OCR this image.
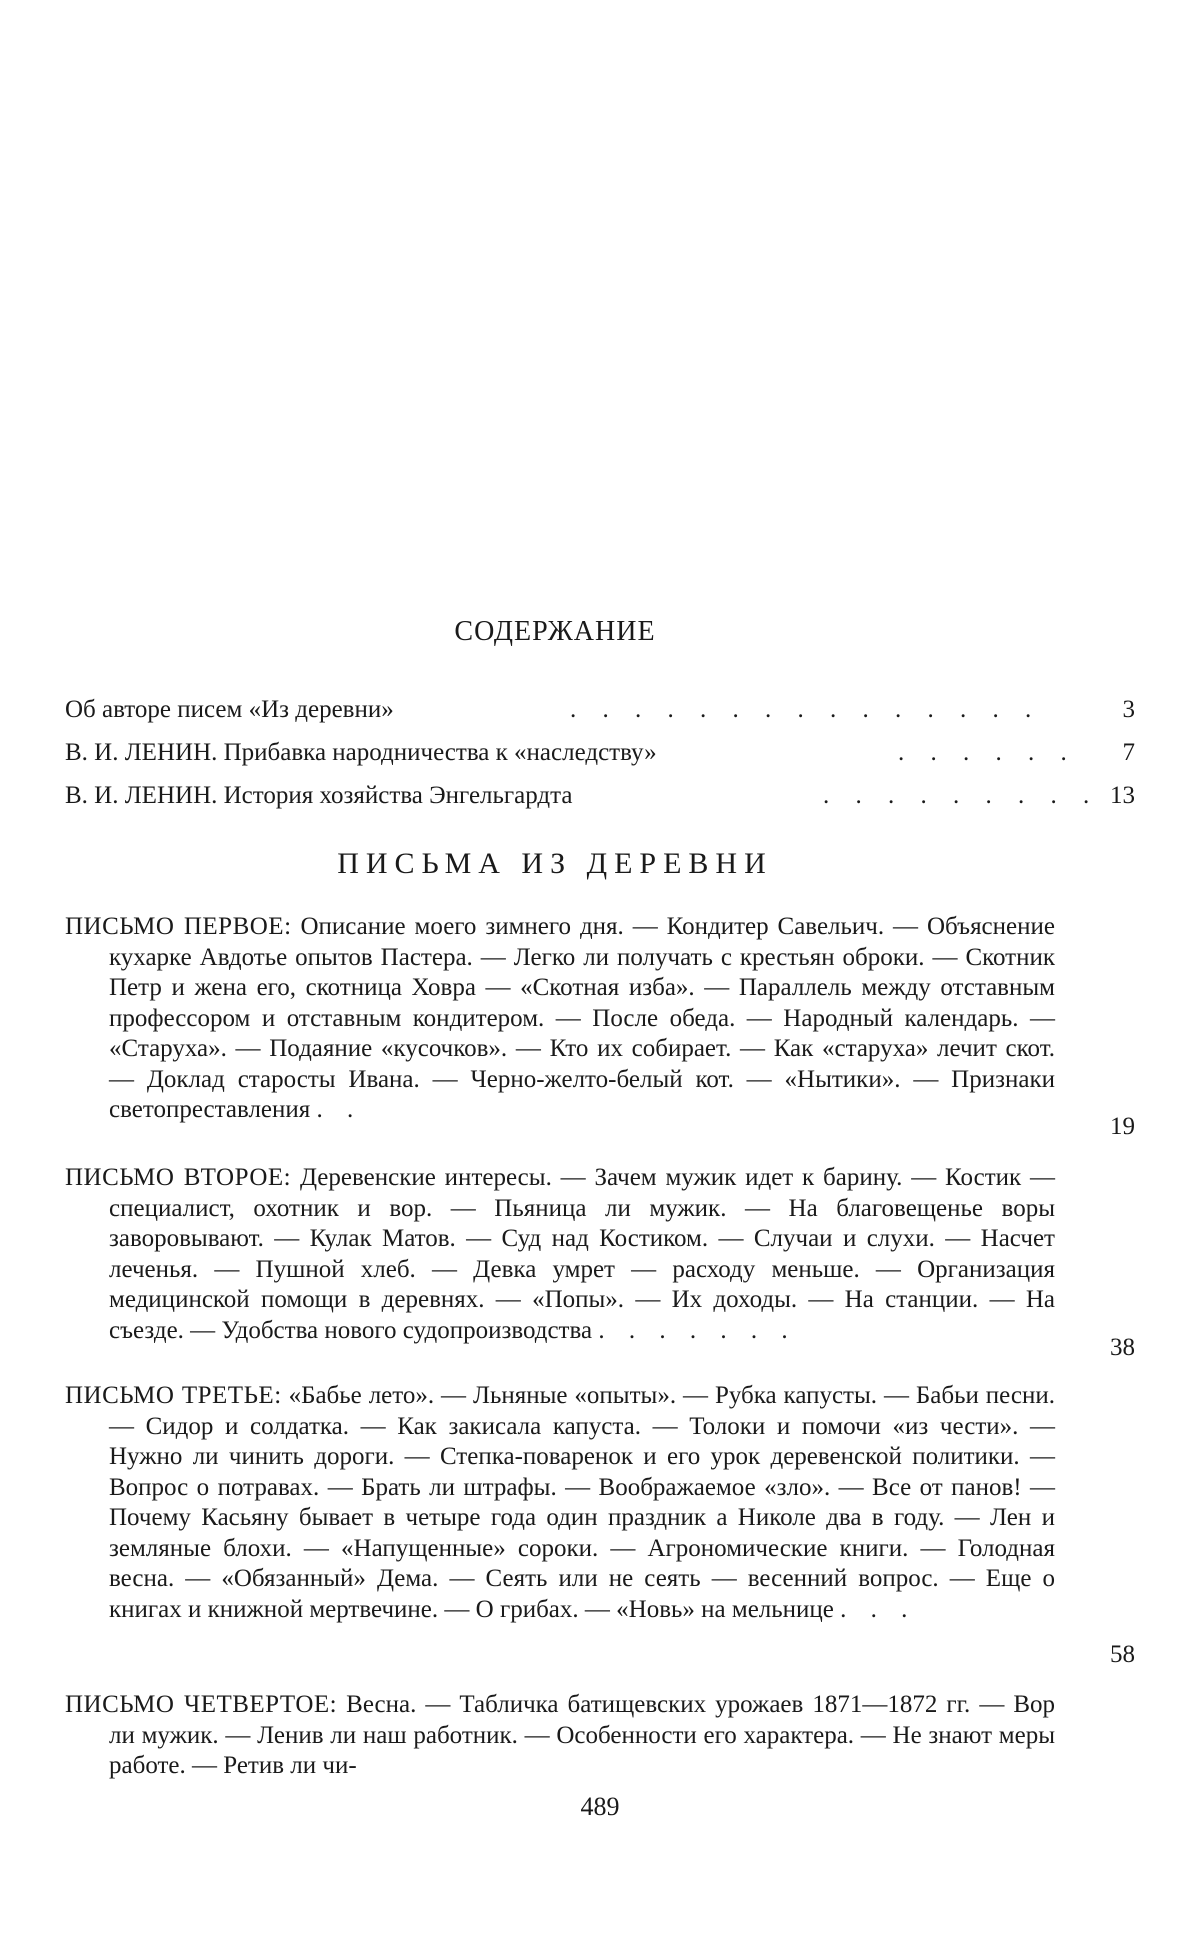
СОДЕРЖАНИЕ
Об авторе писем «Из деревни»	. . . . . . . . . . . . . . .	3
В. И. ЛЕНИН. Прибавка народничества к «наследству»	. . . . . . 7
В. И. ЛЕНИН. История хозяйства Энгельгардта	. . . . . . . . . 13
ПИСЬМА ИЗ ДЕРЕВНИ
ПИСЬМО ПЕРВОЕ: Описание моего зимнего дня. — Кондитер Савельич. — Объяснение кухарке Авдотье опытов Пастера. — Легко ли получать с крестьян оброки. — Скотник Петр и жена его, скотница Ховра — «Скотная изба». — Параллель между отставным профессором и отставным кондитером. — После обеда. — Народный календарь. — «Старуха». — Подаяние «кусочков». — Кто их собирает. — Как «старуха» лечит скот. — Доклад старосты Ивана. — Черно-желто-белый кот. — «Нытики». — Признаки светопреставления . .
19
ПИСЬМО ВТОРОЕ: Деревенские интересы. — Зачем мужик идет к барину. — Костик — специалист, охотник и вор. — Пьяница ли мужик. — На благовещенье воры заворовывают. — Кулак Матов. — Суд над Костиком. — Случаи и слухи. — Насчет леченья. — Пушной хлеб. — Девка умрет — расходу меньше. — Организация медицинской помощи в деревнях. — «Попы». — Их доходы. — На станции. — На съезде. — Удобства нового судопроизводства . . . . . . .
38
ПИСЬМО ТРЕТЬЕ: «Бабье лето». — Льняные «опыты». — Рубка капусты. — Бабьи песни. — Сидор и солдатка. — Как закисала капуста. — Толоки и помочи «из чести». — Нужно ли чинить дороги. — Степка-поваренок и его урок деревенской политики. — Вопрос о потравах. — Брать ли штрафы. — Воображаемое «зло». — Все от панов! — Почему Касьяну бывает в четыре года один праздник а Николе два в году. — Лен и земляные блохи. — «Напущенные» сороки. — Агрономические книги. — Голодная весна. — «Обязанный» Дема. — Сеять или не сеять — весенний вопрос. — Еще о книгах и книжной мертвечине. — О грибах. — «Новь» на мельнице . . .
58
ПИСЬМО ЧЕТВЕРТОЕ: Весна. — Табличка батищевских урожаев 1871—1872 гг. — Вор ли мужик. — Ленив ли наш работник. — Особенности его характера. — Не знают меры работе. — Ретив ли чи-
489
